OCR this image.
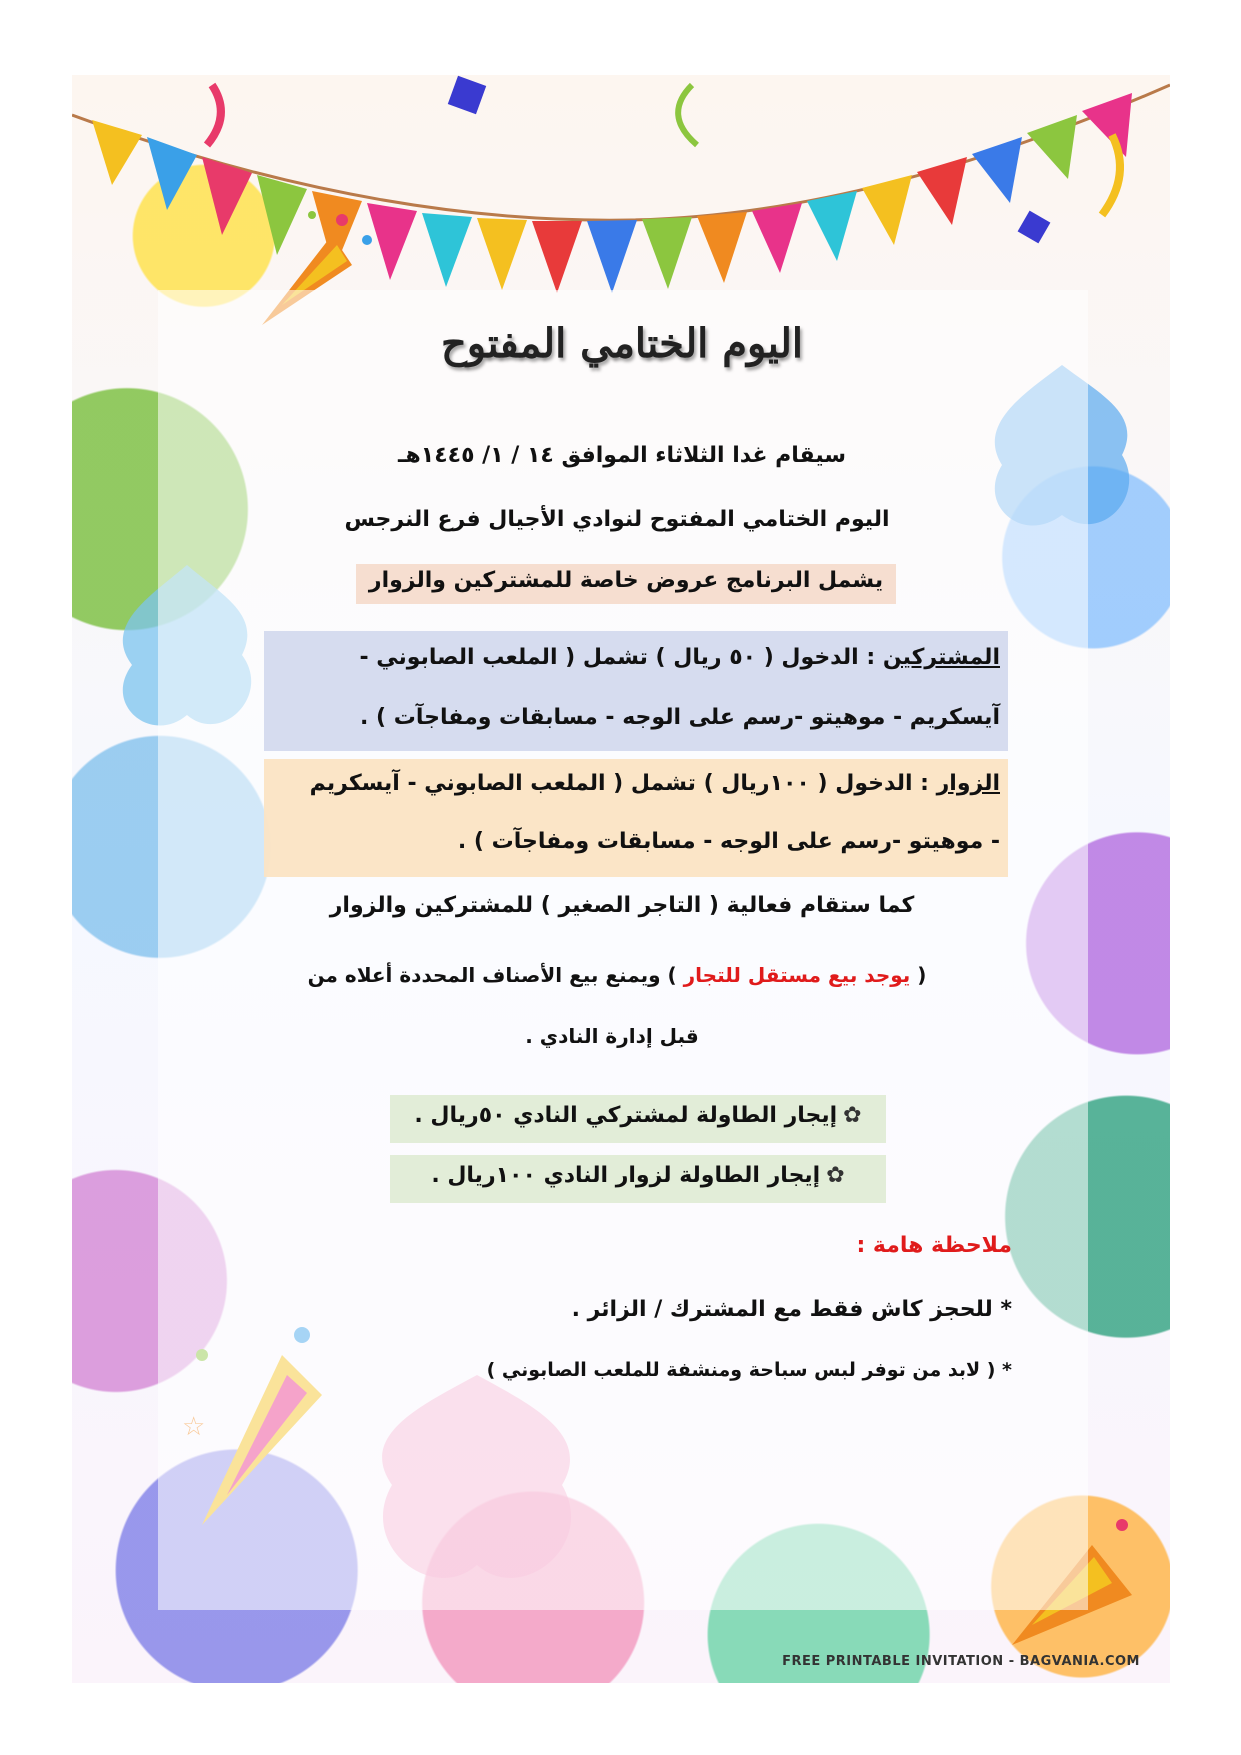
اليوم الختامي المفتوح
سيقام غدا الثلاثاء الموافق ١٤ / ١/ ١٤٤٥هـ
اليوم الختامي المفتوح لنوادي الأجيال فرع النرجس
يشمل البرنامج عروض خاصة للمشتركين والزوار
المشتركين : الدخول ( ٥٠ ريال ) تشمل ( الملعب الصابوني -
آيسكريم - موهيتو -رسم على الوجه - مسابقات ومفاجآت ) .
الزوار : الدخول ( ١٠٠ريال ) تشمل ( الملعب الصابوني - آيسكريم
- موهيتو -رسم على الوجه - مسابقات ومفاجآت ) .
كما ستقام فعالية ( التاجر الصغير ) للمشتركين والزوار
( يوجد بيع مستقل للتجار ) ويمنع بيع الأصناف المحددة أعلاه من
قبل إدارة النادي .
✿إيجار الطاولة لمشتركي النادي ٥٠ريال .
✿إيجار الطاولة لزوار النادي ١٠٠ريال .
ملاحظة هامة :
* للحجز كاش فقط مع المشترك / الزائر .
* ( لابد من توفر لبس سباحة ومنشفة للملعب الصابوني )
FREE PRINTABLE INVITATION - BAGVANIA.COM
